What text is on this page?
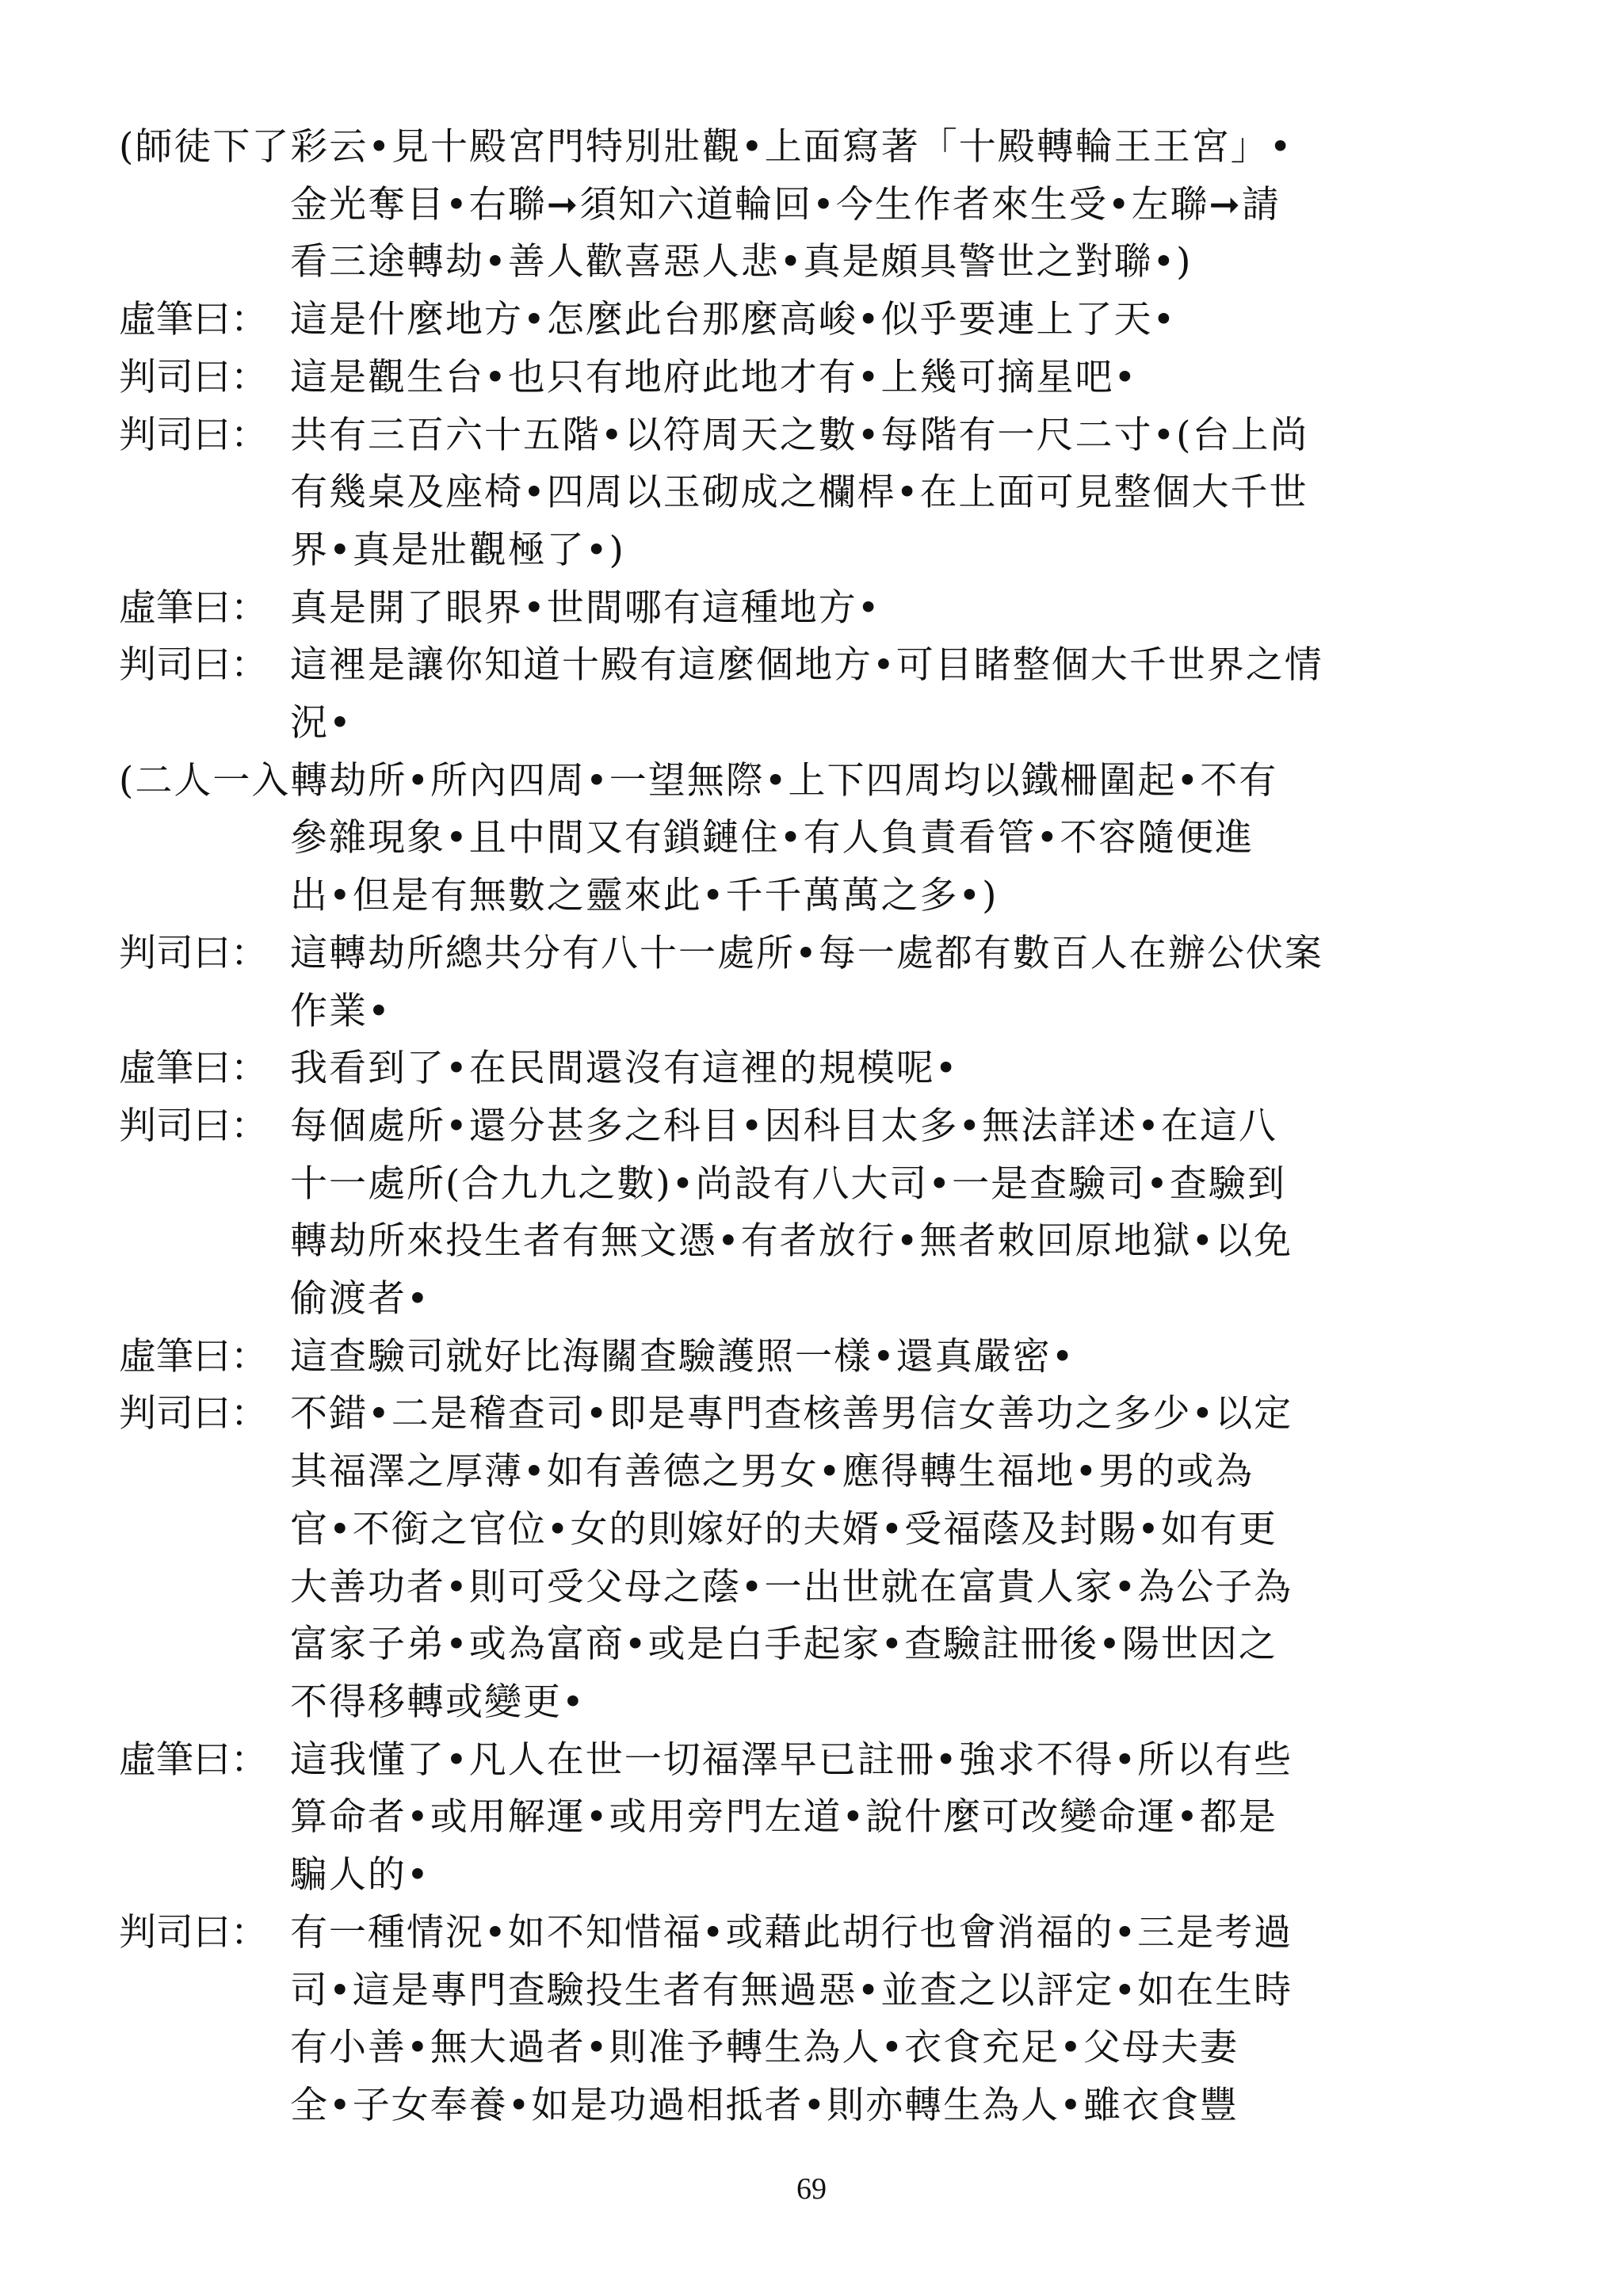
(師徒下了彩云•見十殿宮門特別壯觀•上面寫著「十殿轉輪王王宮」•
金光奪目•右聯➞須知六道輪回•今生作者來生受•左聯➞請
看三途轉劫•善人歡喜惡人悲•真是頗具警世之對聯•)
虛筆曰： 這是什麼地方•怎麼此台那麼高峻•似乎要連上了天•
判司曰： 這是觀生台•也只有地府此地才有•上幾可摘星吧•
判司曰： 共有三百六十五階•以符周天之數•每階有一尺二寸•(台上尚
有幾桌及座椅•四周以玉砌成之欄桿•在上面可見整個大千世
界•真是壯觀極了•)
虛筆曰： 真是開了眼界•世間哪有這種地方•
判司曰： 這裡是讓你知道十殿有這麼個地方•可目睹整個大千世界之情
況•
(二人一入轉劫所•所內四周•一望無際•上下四周均以鐵柵圍起•不有
參雜現象•且中間又有鎖鏈住•有人負責看管•不容隨便進
出•但是有無數之靈來此•千千萬萬之多•)
判司曰： 這轉劫所總共分有八十一處所•每一處都有數百人在辦公伏案
作業•
虛筆曰： 我看到了•在民間還沒有這裡的規模呢•
判司曰： 每個處所•還分甚多之科目•因科目太多•無法詳述•在這八
十一處所(合九九之數)•尚設有八大司•一是查驗司•查驗到
轉劫所來投生者有無文憑•有者放行•無者敕回原地獄•以免
偷渡者•
虛筆曰： 這查驗司就好比海關查驗護照一樣•還真嚴密•
判司曰： 不錯•二是稽查司•即是專門查核善男信女善功之多少•以定
其福澤之厚薄•如有善德之男女•應得轉生福地•男的或為
官•不銜之官位•女的則嫁好的夫婿•受福蔭及封賜•如有更
大善功者•則可受父母之蔭•一出世就在富貴人家•為公子為
富家子弟•或為富商•或是白手起家•查驗註冊後•陽世因之
不得移轉或變更•
虛筆曰： 這我懂了•凡人在世一切福澤早已註冊•強求不得•所以有些
算命者•或用解運•或用旁門左道•說什麼可改變命運•都是
騙人的•
判司曰： 有一種情況•如不知惜福•或藉此胡行也會消福的•三是考過
司•這是專門查驗投生者有無過惡•並查之以評定•如在生時
有小善•無大過者•則准予轉生為人•衣食充足•父母夫妻
全•子女奉養•如是功過相抵者•則亦轉生為人•雖衣食豐
69
